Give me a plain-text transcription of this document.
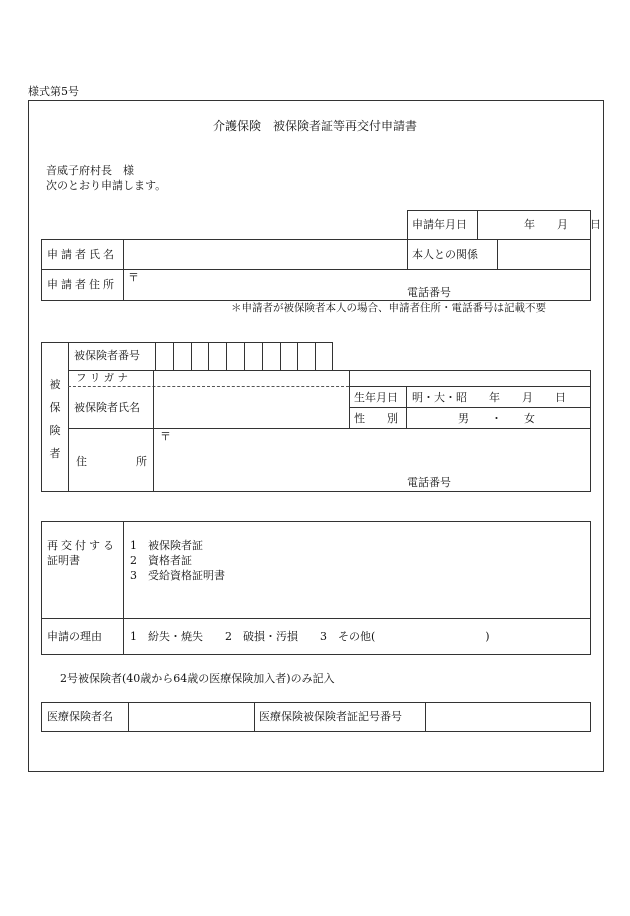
様式第5号
介護保険　被保険者証等再交付申請書
音威子府村長　様
次のとおり申請します。
申請年月日	年　　月　　日
申請者氏名	本人との関係
申請者住所
〒
電話番号
＊申請者が被保険者本人の場合、申請者住所・電話番号は記載不要
被
保
険
者
被保険者番号
フ リ ガ ナ
被保険者氏名
生年月日 明・大・昭　　年　　月　　日
性　　別	男　　・　　女
住	所
〒
電話番号
再交付する
証明書
1　被保険者証
2　資格者証
3　受給資格証明書
申請の理由	1　紛失・焼失　　2　破損・汚損　　3　その他(　　　　　　　　　　)
2号被保険者(40歳から64歳の医療保険加入者)のみ記入
医療保険者名	医療保険被保険者証記号番号
